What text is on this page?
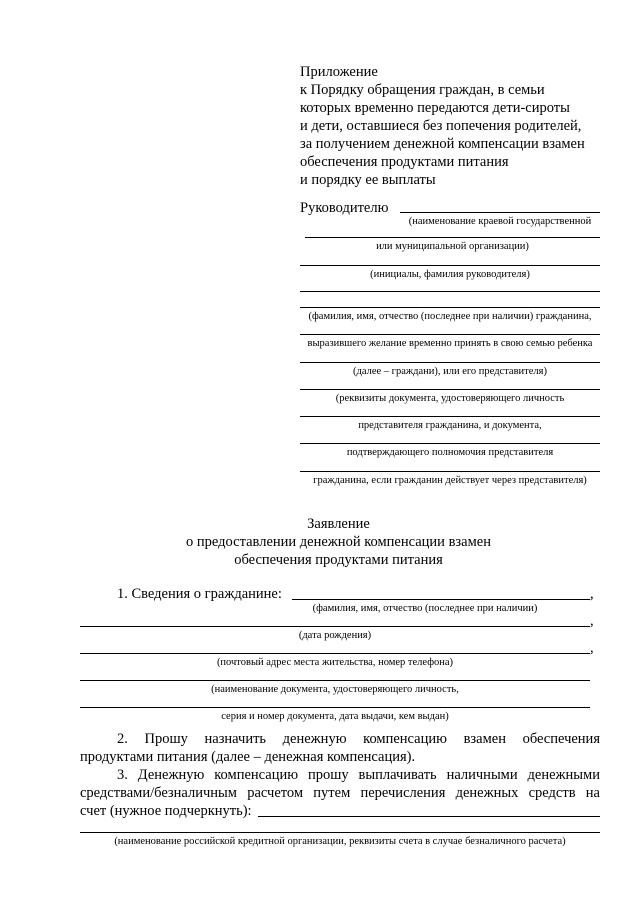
Приложение
к Порядку обращения граждан, в семьи
которых временно передаются дети-сироты
и дети, оставшиеся без попечения родителей,
за получением денежной компенсации взамен
обеспечения продуктами питания
и порядку ее выплаты
Руководителю
(наименование краевой государственной
или муниципальной организации)
(инициалы, фамилия руководителя)
(фамилия, имя, отчество (последнее при наличии) гражданина,
выразившего желание временно принять в свою семью ребенка
(далее – граждани), или его представителя)
(реквизиты документа, удостоверяющего личность
представителя гражданина, и документа,
подтверждающего полномочия представителя
гражданина, если гражданин действует через представителя)
Заявление
о предоставлении денежной компенсации взамен
обеспечения продуктами питания
1. Сведения о гражданине:	,
(фамилия, имя, отчество (последнее при наличии)
,
(дата рождения)
,
(почтовый адрес места жительства, номер телефона)
(наименование документа, удостоверяющего личность,
серия и номер документа, дата выдачи, кем выдан)
2. Прошу назначить денежную компенсацию взамен обеспечения
продуктами питания (далее – денежная компенсация).
3. Денежную компенсацию прошу выплачивать наличными денежными
средствами/безналичным расчетом путем перечисления денежных средств на
счет (нужное подчеркнуть):
(наименование российской кредитной организации, реквизиты счета в случае безналичного расчета)
